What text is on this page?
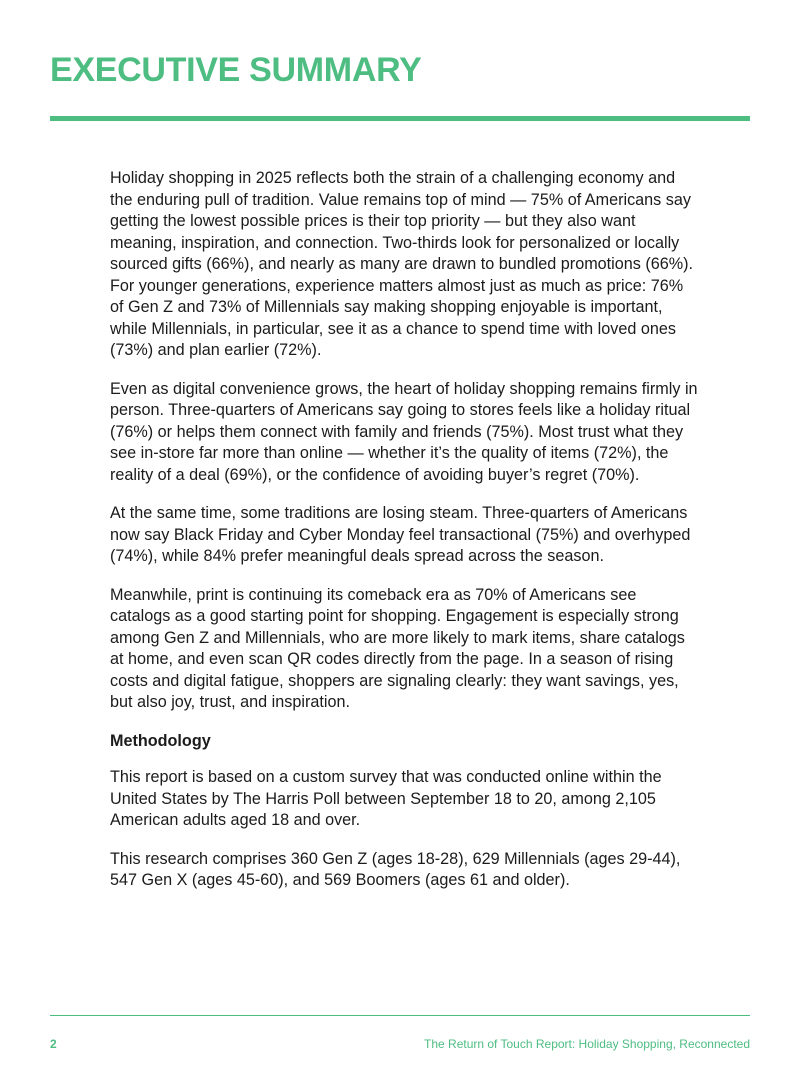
EXECUTIVE SUMMARY

Holiday shopping in 2025 reflects both the strain of a challenging economy and the enduring pull of tradition. Value remains top of mind — 75% of Americans say getting the lowest possible prices is their top priority — but they also want meaning, inspiration, and connection. Two-thirds look for personalized or locally sourced gifts (66%), and nearly as many are drawn to bundled promotions (66%). For younger generations, experience matters almost just as much as price: 76% of Gen Z and 73% of Millennials say making shopping enjoyable is important, while Millennials, in particular, see it as a chance to spend time with loved ones (73%) and plan earlier (72%).

Even as digital convenience grows, the heart of holiday shopping remains firmly in person. Three-quarters of Americans say going to stores feels like a holiday ritual (76%) or helps them connect with family and friends (75%). Most trust what they see in-store far more than online — whether it’s the quality of items (72%), the reality of a deal (69%), or the confidence of avoiding buyer’s regret (70%).

At the same time, some traditions are losing steam. Three-quarters of Americans now say Black Friday and Cyber Monday feel transactional (75%) and overhyped (74%), while 84% prefer meaningful deals spread across the season.

Meanwhile, print is continuing its comeback era as 70% of Americans see catalogs as a good starting point for shopping. Engagement is especially strong among Gen Z and Millennials, who are more likely to mark items, share catalogs at home, and even scan QR codes directly from the page. In a season of rising costs and digital fatigue, shoppers are signaling clearly: they want savings, yes, but also joy, trust, and inspiration.

Methodology

This report is based on a custom survey that was conducted online within the United States by The Harris Poll between September 18 to 20, among 2,105 American adults aged 18 and over.

This research comprises 360 Gen Z (ages 18-28), 629 Millennials (ages 29-44), 547 Gen X (ages 45-60), and 569 Boomers (ages 61 and older).

2	The Return of Touch Report: Holiday Shopping, Reconnected
